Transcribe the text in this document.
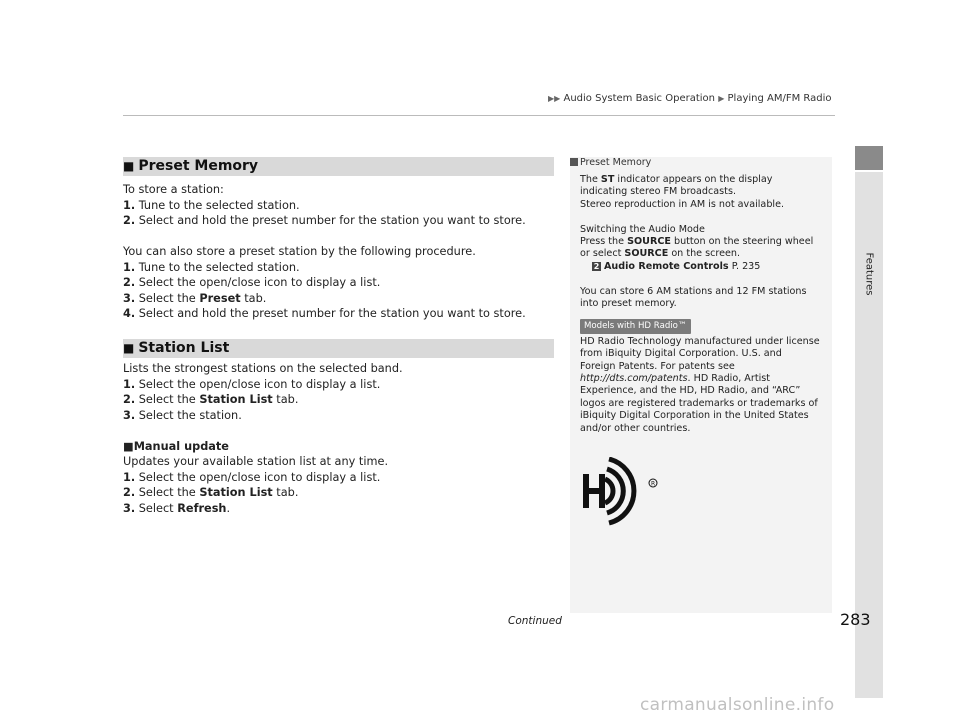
▶▶ Audio System Basic Operation ▶ Playing AM/FM Radio
Features
■ Preset Memory

To store a station:

1. Tune to the selected station.

2. Select and hold the preset number for the station you want to store.

You can also store a preset station by the following procedure.

1. Tune to the selected station.

2. Select the open/close icon to display a list.

3. Select the Preset tab.

4. Select and hold the preset number for the station you want to store.

■ Station List

Lists the strongest stations on the selected band.

1. Select the open/close icon to display a list.

2. Select the Station List tab.

3. Select the station.

■Manual update

Updates your available station list at any time.

1. Select the open/close icon to display a list.

2. Select the Station List tab.

3. Select Refresh.

Preset Memory

The ST indicator appears on the display indicating stereo FM broadcasts.

Stereo reproduction in AM is not available.

Switching the Audio Mode

Press the SOURCE button on the steering wheel or select SOURCE on the screen.

2 Audio Remote Controls P. 235

You can store 6 AM stations and 12 FM stations into preset memory.

Models with HD Radio™

HD Radio Technology manufactured under license from iBiquity Digital Corporation. U.S. and Foreign Patents. For patents see http://dts.com/patents. HD Radio, Artist Experience, and the HD, HD Radio, and “ARC” logos are registered trademarks or trademarks of iBiquity Digital Corporation in the United States and/or other countries.

R
Continued	283
carmanualsonline.info
